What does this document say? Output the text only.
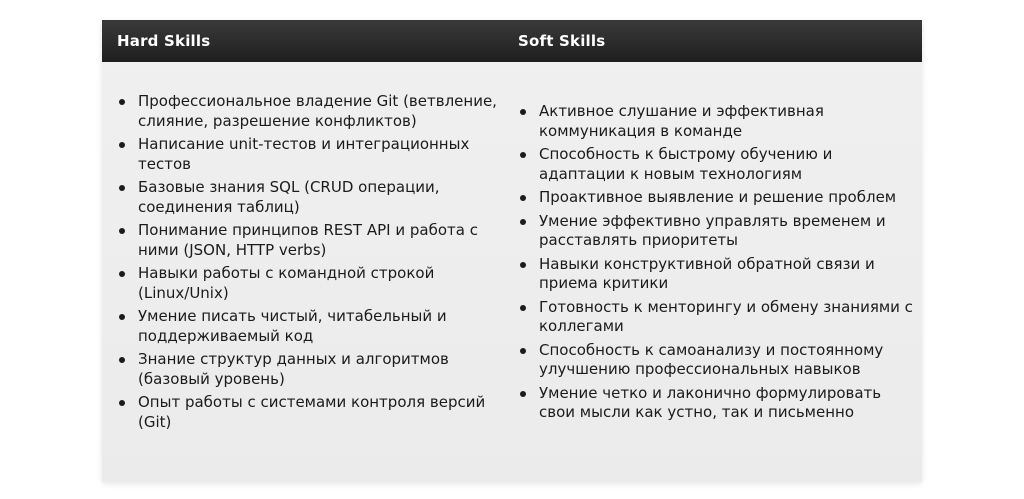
Hard Skills	Soft Skills
Профессиональное владение Git (ветвление, слияние, разрешение конфликтов)
Написание unit-тестов и интеграционных тестов
Базовые знания SQL (CRUD операции, соединения таблиц)
Понимание принципов REST API и работа с ними (JSON, HTTP verbs)
Навыки работы с командной строкой (Linux/Unix)
Умение писать чистый, читабельный и поддерживаемый код
Знание структур данных и алгоритмов (базовый уровень)
Опыт работы с системами контроля версий (Git)
Активное слушание и эффективная коммуникация в команде
Способность к быстрому обучению и адаптации к новым технологиям
Проактивное выявление и решение проблем
Умение эффективно управлять временем и расставлять приоритеты
Навыки конструктивной обратной связи и приема критики
Готовность к менторингу и обмену знаниями с коллегами
Способность к самоанализу и постоянному улучшению профессиональных навыков
Умение четко и лаконично формулировать свои мысли как устно, так и письменно
